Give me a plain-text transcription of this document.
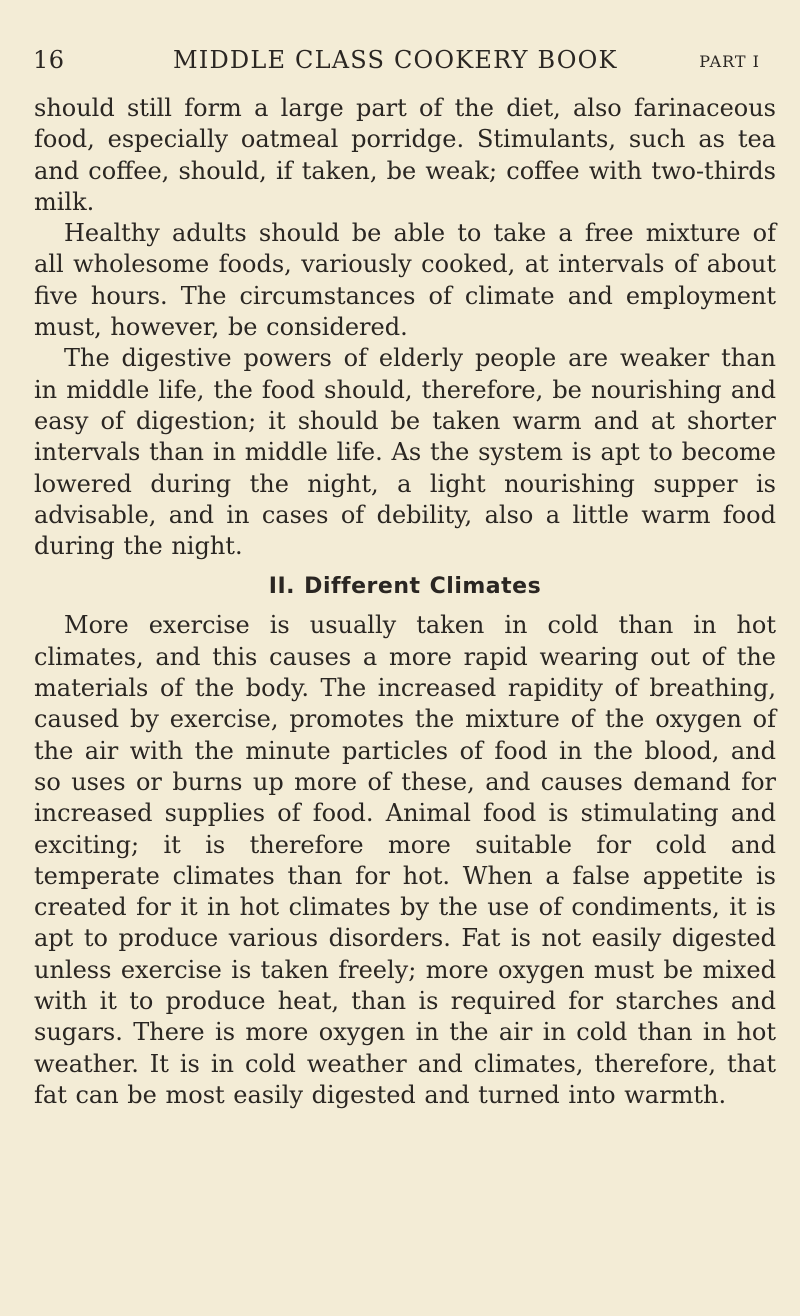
16	MIDDLE CLASS COOKERY BOOK	PART I

should still form a large part of the diet, also farinaceous food, especially oatmeal porridge. Stimulants, such as tea and coffee, should, if taken, be weak; coffee with two-thirds milk.

Healthy adults should be able to take a free mixture of all wholesome foods, variously cooked, at intervals of about five hours. The circumstances of climate and employment must, however, be considered.

The digestive powers of elderly people are weaker than in middle life, the food should, therefore, be nourishing and easy of digestion; it should be taken warm and at shorter intervals than in middle life. As the system is apt to become lowered during the night, a light nourishing supper is advisable, and in cases of debility, also a little warm food during the night.

II. Different Climates

More exercise is usually taken in cold than in hot climates, and this causes a more rapid wearing out of the materials of the body. The increased rapidity of breathing, caused by exercise, promotes the mixture of the oxygen of the air with the minute particles of food in the blood, and so uses or burns up more of these, and causes demand for increased supplies of food. Animal food is stimulating and exciting; it is therefore more suitable for cold and temperate climates than for hot. When a false appetite is created for it in hot climates by the use of condiments, it is apt to produce various disorders. Fat is not easily digested unless exercise is taken freely; more oxygen must be mixed with it to produce heat, than is required for starches and sugars. There is more oxygen in the air in cold than in hot weather. It is in cold weather and climates, therefore, that fat can be most easily digested and turned into warmth.
